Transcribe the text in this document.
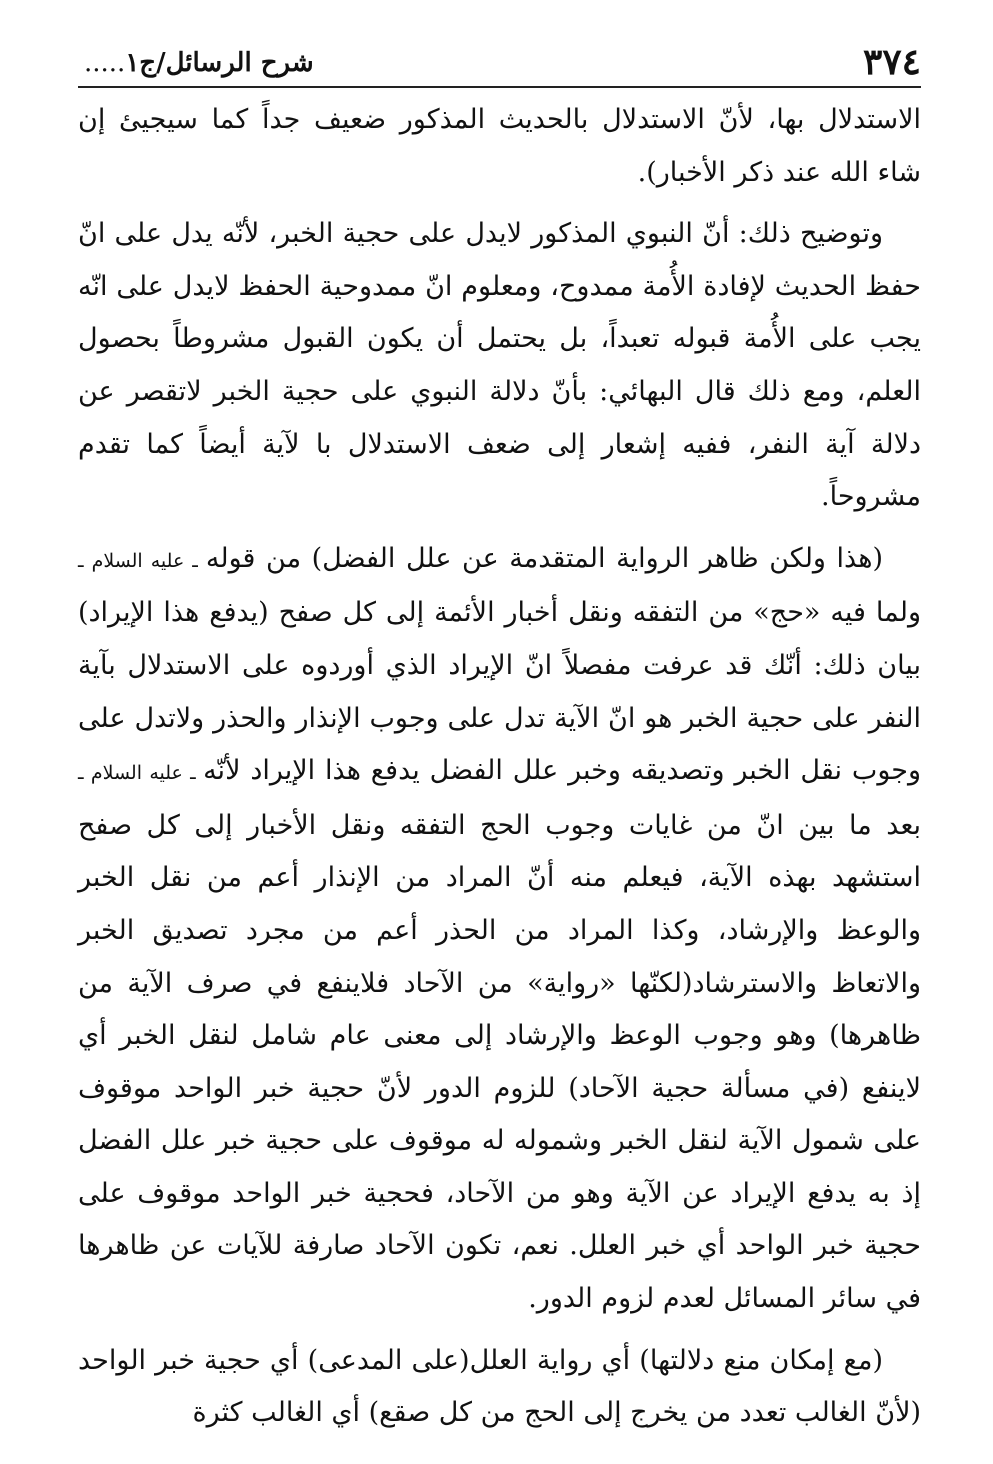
٣٧٤
شرح الرسائل/ج١.....

الاستدلال بها، لأنّ الاستدلال بالحديث المذكور ضعيف جداً كما سيجيئ إن شاء الله عند ذكر الأخبار).

وتوضيح ذلك: أنّ النبوي المذكور لايدل على حجية الخبر، لأنّه يدل على انّ حفظ الحديث لإفادة الأُمة ممدوح، ومعلوم انّ ممدوحية الحفظ لايدل على انّه يجب على الأُمة قبوله تعبداً، بل يحتمل أن يكون القبول مشروطاً بحصول العلم، ومع ذلك قال البهائي: بأنّ دلالة النبوي على حجية الخبر لاتقصر عن دلالة آية النفر، ففيه إشعار إلى ضعف الاستدلال با لآية أيضاً كما تقدم مشروحاً.

(هذا ولكن ظاهر الرواية المتقدمة عن علل الفضل) من قوله ـ عليه السلام ـ ولما فيه «حج» من التفقه ونقل أخبار الأئمة إلى كل صفح (يدفع هذا الإيراد) بيان ذلك: أنّك قد عرفت مفصلاً انّ الإيراد الذي أوردوه على الاستدلال بآية النفر على حجية الخبر هو انّ الآية تدل على وجوب الإنذار والحذر ولاتدل على وجوب نقل الخبر وتصديقه وخبر علل الفضل يدفع هذا الإيراد لأنّه ـ عليه السلام ـ بعد ما بين انّ من غايات وجوب الحج التفقه ونقل الأخبار إلى كل صفح استشهد بهذه الآية، فيعلم منه أنّ المراد من الإنذار أعم من نقل الخبر والوعظ والإرشاد، وكذا المراد من الحذر أعم من مجرد تصديق الخبر والاتعاظ والاسترشاد(لكنّها «رواية» من الآحاد فلاينفع في صرف الآية من ظاهرها) وهو وجوب الوعظ والإرشاد إلى معنى عام شامل لنقل الخبر أي لاينفع (في مسألة حجية الآحاد) للزوم الدور لأنّ حجية خبر الواحد موقوف على شمول الآية لنقل الخبر وشموله له موقوف على حجية خبر علل الفضل إذ به يدفع الإيراد عن الآية وهو من الآحاد، فحجية خبر الواحد موقوف على حجية خبر الواحد أي خبر العلل. نعم، تكون الآحاد صارفة للآيات عن ظاهرها في سائر المسائل لعدم لزوم الدور.

(مع إمكان منع دلالتها) أي رواية العلل(على المدعى) أي حجية خبر الواحد (لأنّ الغالب تعدد من يخرج إلى الحج من كل صقع) أي الغالب كثرة
